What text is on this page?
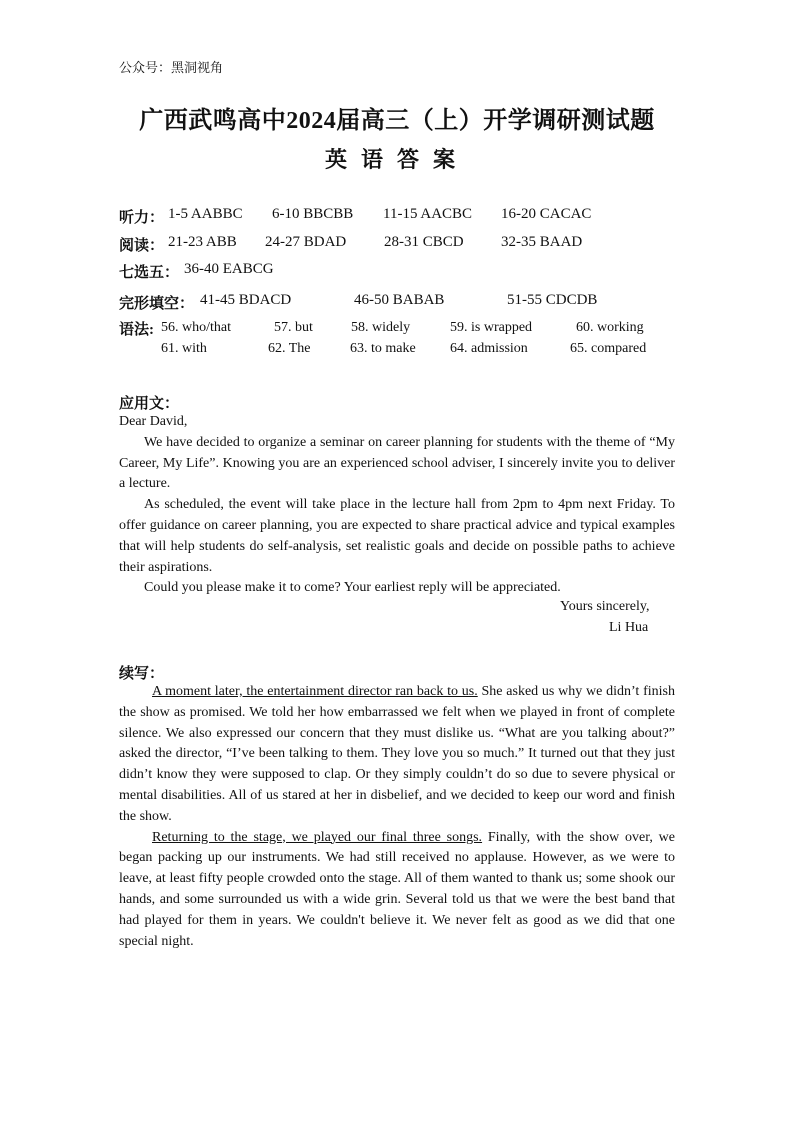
公众号：黑洞视角
广西武鸣高中2024届高三（上）开学调研测试题
英语答案
听力： 1-5 AABBC 6-10 BBCBB 11-15 AACBC 16-20 CACAC
阅读： 21-23 ABB 24-27 BDAD	28-31 CBCD 32-35 BAAD
七选五： 36-40 EABCG
完形填空： 41-45 BDACD	46-50 BABAB	51-55 CDCDB
语法: 56. who/that	57. but	58. widely	59. is wrapped	60. working
61. with	62. The	63. to make 64. admission	65. compared
应用文：

Dear David,

We have decided to organize a seminar on career planning for students with the theme of “My Career, My Life”. Knowing you are an experienced school adviser, I sincerely invite you to deliver a lecture.

As scheduled, the event will take place in the lecture hall from 2pm to 4pm next Friday. To offer guidance on career planning, you are expected to share practical advice and typical examples that will help students do self-analysis, set realistic goals and decide on possible paths to achieve their aspirations.

Could you please make it to come? Your earliest reply will be appreciated.

Yours sincerely,
Li Hua
续写：

A moment later, the entertainment director ran back to us. She asked us why we didn’t finish the show as promised. We told her how embarrassed we felt when we played in front of complete silence. We also expressed our concern that they must dislike us. “What are you talking about?” asked the director, “I’ve been talking to them. They love you so much.” It turned out that they just didn’t know they were supposed to clap. Or they simply couldn’t do so due to severe physical or mental disabilities. All of us stared at her in disbelief, and we decided to keep our word and finish the show.

Returning to the stage, we played our final three songs. Finally, with the show over, we began packing up our instruments. We had still received no applause. However, as we were to leave, at least fifty people crowded onto the stage. All of them wanted to thank us; some shook our hands, and some surrounded us with a wide grin. Several told us that we were the best band that had played for them in years. We couldn't believe it. We never felt as good as we did that one special night.
